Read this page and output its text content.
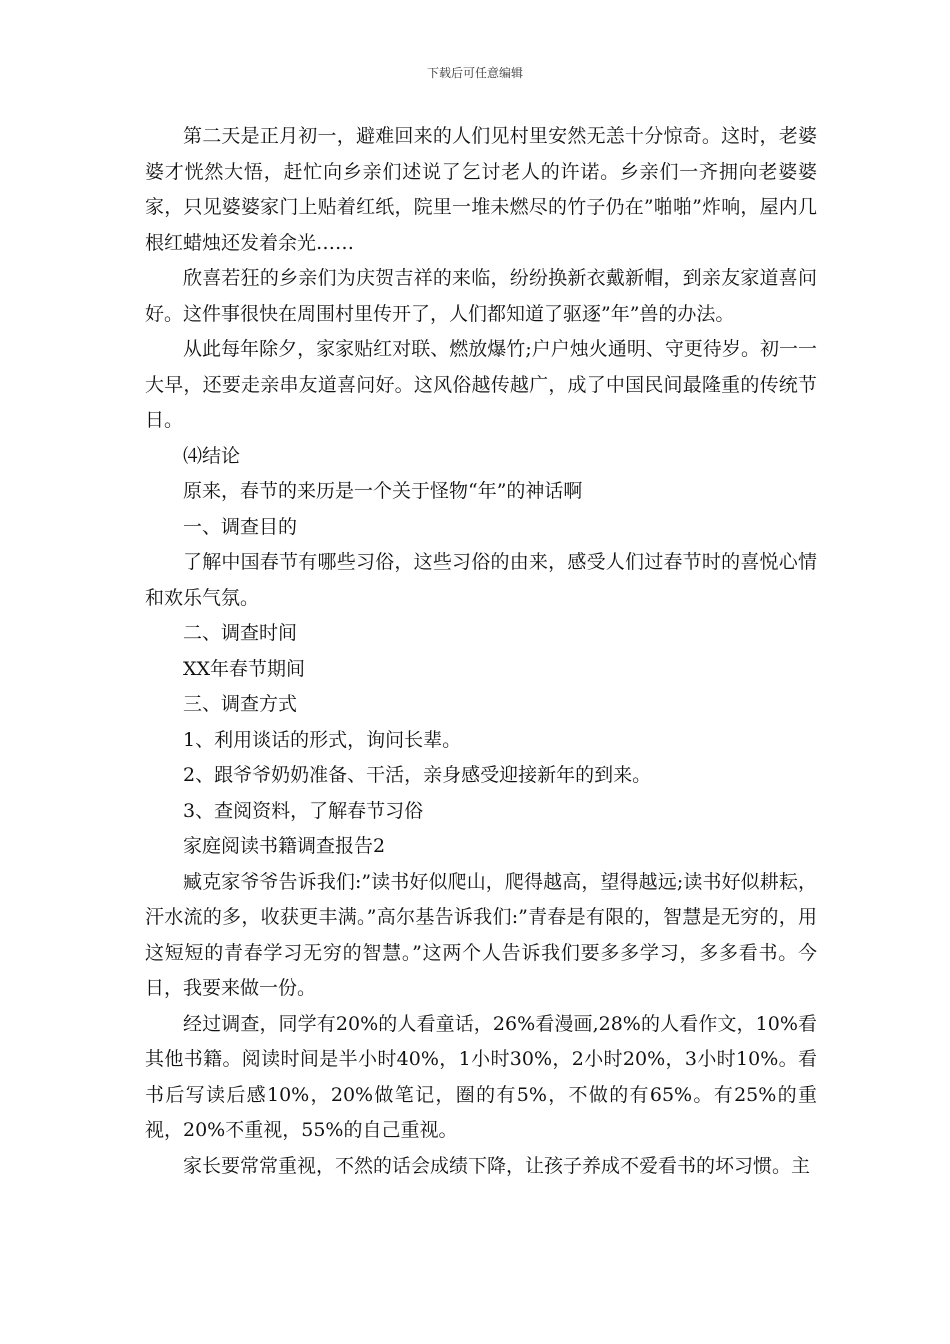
下载后可任意编辑

第二天是正月初一，避难回来的人们见村里安然无恙十分惊奇。这时，老婆婆才恍然大悟，赶忙向乡亲们述说了乞讨老人的许诺。乡亲们一齐拥向老婆婆家，只见婆婆家门上贴着红纸，院里一堆未燃尽的竹子仍在”啪啪”炸响，屋内几根红蜡烛还发着余光……

欣喜若狂的乡亲们为庆贺吉祥的来临，纷纷换新衣戴新帽，到亲友家道喜问好。这件事很快在周围村里传开了，人们都知道了驱逐”年”兽的办法。

从此每年除夕，家家贴红对联、燃放爆竹;户户烛火通明、守更待岁。初一一大早，还要走亲串友道喜问好。这风俗越传越广，成了中国民间最隆重的传统节日。

⑷结论

原来，春节的来历是一个关于怪物“年”的神话啊

一、调查目的

了解中国春节有哪些习俗，这些习俗的由来，感受人们过春节时的喜悦心情和欢乐气氛。

二、调查时间

XX年春节期间

三、调查方式

1、利用谈话的形式，询问长辈。

2、跟爷爷奶奶准备、干活，亲身感受迎接新年的到来。

3、查阅资料，了解春节习俗

家庭阅读书籍调查报告2

臧克家爷爷告诉我们:”读书好似爬山，爬得越高，望得越远;读书好似耕耘，汗水流的多，收获更丰满。”高尔基告诉我们:”青春是有限的，智慧是无穷的，用这短短的青春学习无穷的智慧。”这两个人告诉我们要多多学习，多多看书。今日，我要来做一份。

经过调查，同学有20%的人看童话，26%看漫画,28%的人看作文，10%看其他书籍。阅读时间是半小时40%，1小时30%，2小时20%，3小时10%。看书后写读后感10%，20%做笔记，圈的有5%，不做的有65%。有25%的重视，20%不重视，55%的自己重视。

家长要常常重视，不然的话会成绩下降，让孩子养成不爱看书的坏习惯。主
